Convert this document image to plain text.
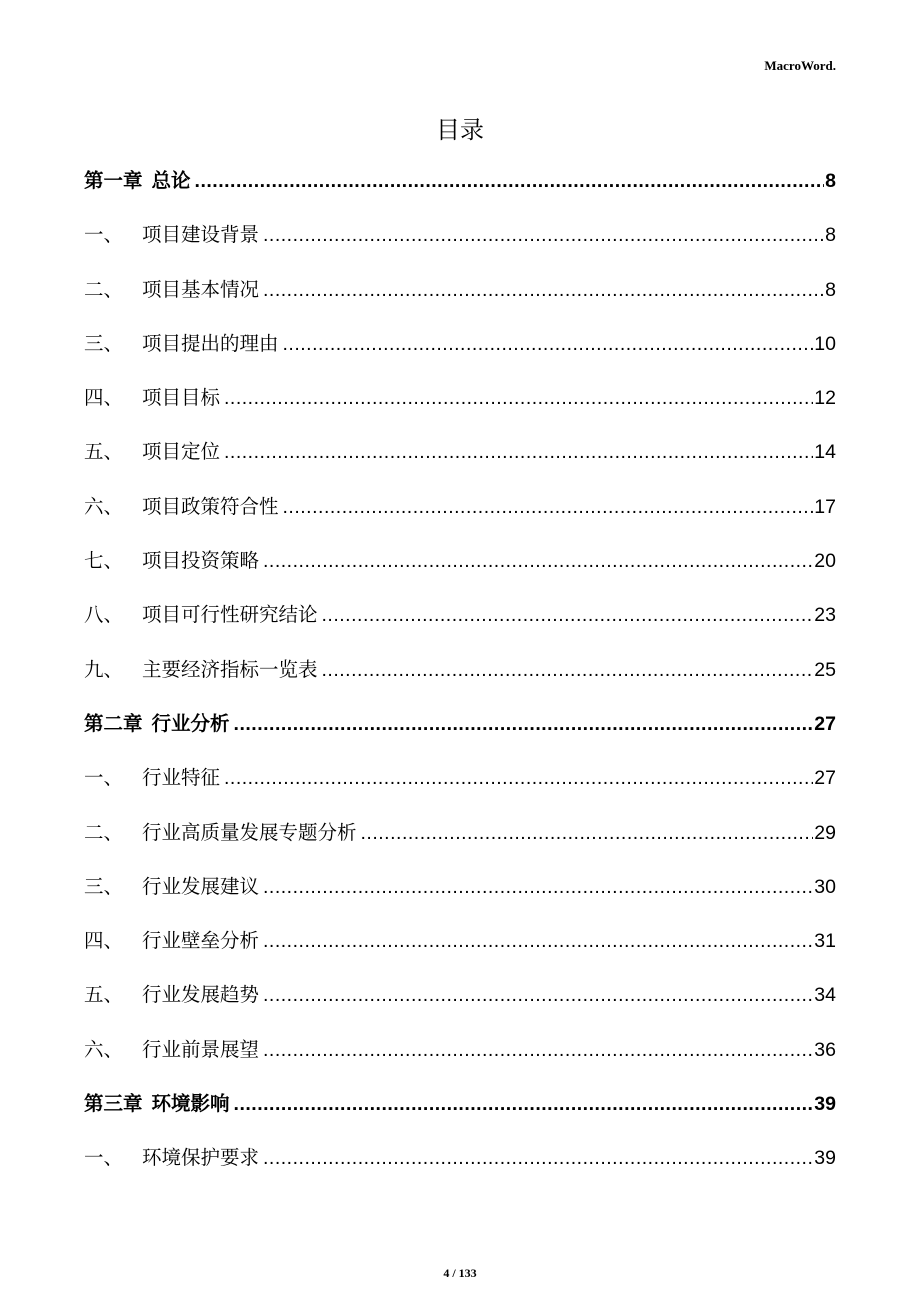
MacroWord.
目录
第一章 总论 .....	8
一、 项目建设背景 .....	8
二、 项目基本情况 .....	8
三、 项目提出的理由 .....	10
四、 项目目标 .....	12
五、 项目定位 .....	14
六、 项目政策符合性 .....	17
七、 项目投资策略 .....	20
八、 项目可行性研究结论 .....	23
九、 主要经济指标一览表 .....	25
第二章 行业分析 .....	27
一、 行业特征 .....	27
二、 行业高质量发展专题分析 .....	29
三、 行业发展建议 .....	30
四、 行业壁垒分析 .....	31
五、 行业发展趋势 .....	34
六、 行业前景展望 .....	36
第三章 环境影响 .....	39
一、 环境保护要求 .....	39
4 / 133
